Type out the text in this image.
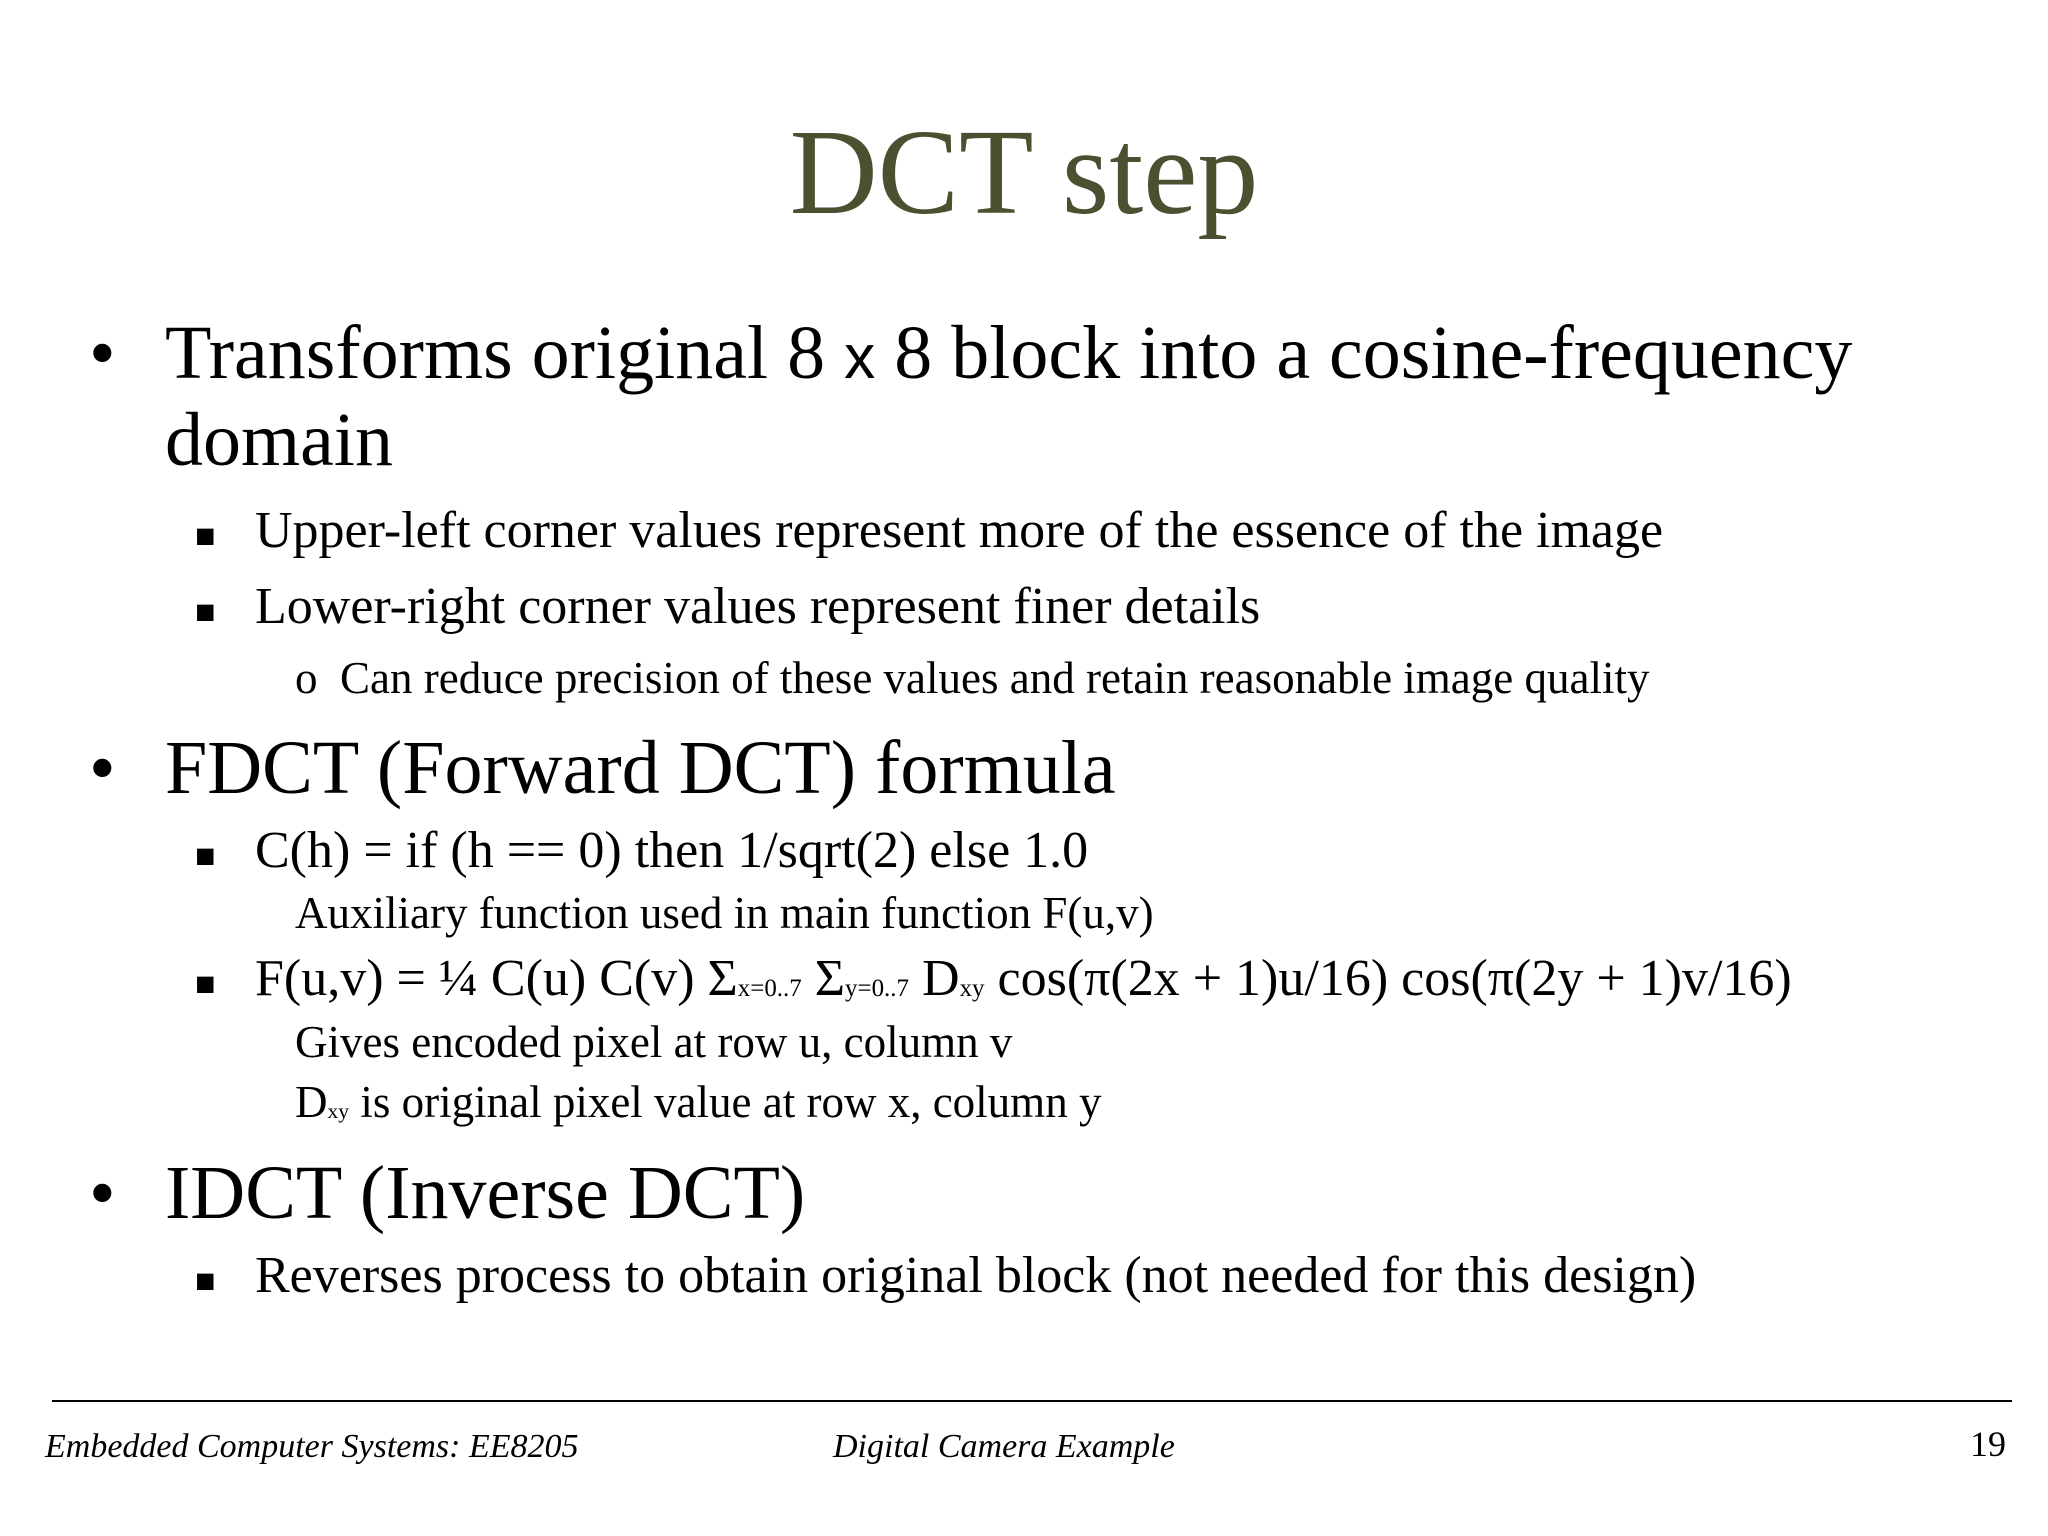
DCT step
• Transforms original 8 x 8 block into a cosine-frequency
domain
■ Upper-left corner values represent more of the essence of the image
■ Lower-right corner values represent finer details
o Can reduce precision of these values and retain reasonable image quality
• FDCT (Forward DCT) formula
■ C(h) = if (h == 0) then 1/sqrt(2) else 1.0
Auxiliary function used in main function F(u,v)
■ F(u,v) = ¼ C(u) C(v) Σx=0..7 Σy=0..7 Dxy cos(π(2x + 1)u/16) cos(π(2y + 1)v/16)
Gives encoded pixel at row u, column v
Dxy is original pixel value at row x, column y
• IDCT (Inverse DCT)
■ Reverses process to obtain original block (not needed for this design)
Embedded Computer Systems: EE8205	Digital Camera Example	19
